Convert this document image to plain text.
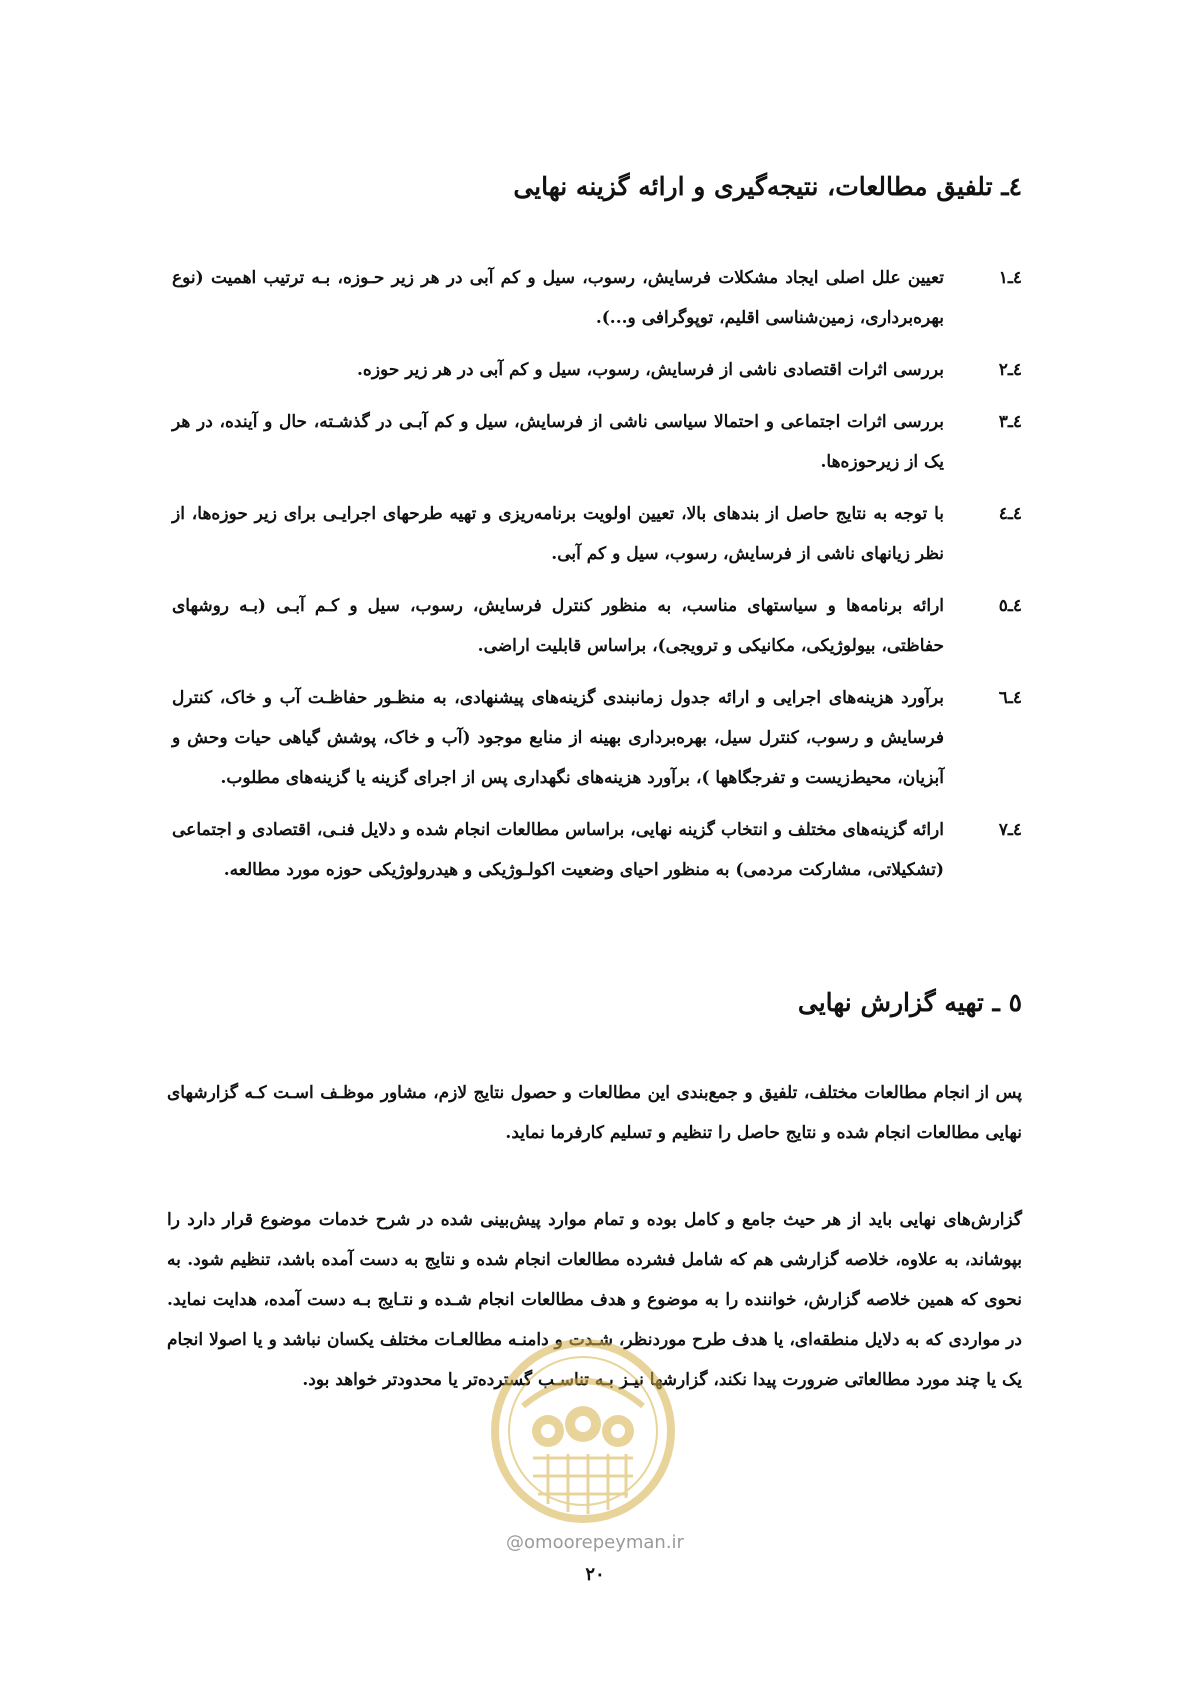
٤ـ تلفیق مطالعات، نتیجه‌گیری و ارائه گزینه نهایی
٤ـ١
تعیین علل اصلی ایجاد مشکلات فرسایش، رسوب، سیل و کم آبی در هر زیر حـوزه، بـه ترتیب اهمیت (نوع بهره‌برداری، زمین‌شناسی اقلیم، توپوگرافی و...).
٤ـ٢
بررسی اثرات اقتصادی ناشی از فرسایش، رسوب، سیل و کم آبی در هر زیر حوزه.
٤ـ٣
بررسی اثرات اجتماعی و احتمالا سیاسی ناشی از فرسایش، سیل و کم آبـی در گذشـته، حال و آینده، در هر یک از زیرحوزه‌ها.
٤ـ٤
با توجه به نتایج حاصل از بندهای بالا، تعیین اولویت برنامه‌ریزی و تهیه طرحهای اجرایـی برای زیر حوزه‌ها، از نظر زیانهای ناشی از فرسایش، رسوب، سیل و کم آبی.
٤ـ٥
ارائه برنامه‌ها و سیاستهای مناسب، به منظور کنترل فرسایش، رسوب، سیل و کـم آبـی (بـه روشهای حفاظتی، بیولوژیکی، مکانیکی و ترویجی)، براساس قابلیت اراضی.
٤ـ٦
برآورد هزینه‌های اجرایی و ارائه جدول زمانبندی گزینه‌های پیشنهادی، به منظـور حفاظـت آب و خاک، کنترل فرسایش و رسوب، کنترل سیل، بهره‌برداری بهینه از منابع موجود (آب و خاک، پوشش گیاهی حیات وحش و آبزیان، محیط‌زیست و تفرجگاهها )، برآورد هزینه‌های نگهداری پس از اجرای گزینه یا گزینه‌های مطلوب.
٤ـ٧
ارائه گزینه‌های مختلف و انتخاب گزینه نهایی، براساس مطالعات انجام شده و دلایل فنـی، اقتصادی و اجتماعی (تشکیلاتی، مشارکت مردمی) به منظور احیای وضعیت اکولـوژیکی و هیدرولوژیکی حوزه مورد مطالعه.
٥ ـ تهیه گزارش نهایی

پس از انجام مطالعات مختلف، تلفیق و جمع‌بندی این مطالعات و حصول نتایج لازم، مشاور موظـف اسـت کـه گزارشهای نهایی مطالعات انجام شده و نتایج حاصل را تنظیم و تسلیم کارفرما نماید.

گزارش‌های نهایی باید از هر حیث جامع و کامل بوده و تمام موارد پیش‌بینی شده در شرح خدمات موضوع قرار دارد را بپوشاند، به علاوه، خلاصه گزارشی هم که شامل فشرده مطالعات انجام شده و نتایج به دست آمده باشد، تنظیم شود. به نحوی که همین خلاصه گزارش، خواننده را به موضوع و هدف مطالعات انجام شـده و نتـایج بـه دست آمده، هدایت نماید. در مواردی که به دلایل منطقه‌ای، یا هدف طرح موردنظر، شـدت و دامنـه مطالعـات مختلف یکسان نباشد و یا اصولا انجام یک یا چند مورد مطالعاتی ضرورت پیدا نکند، گزارشها نیـز بـه تناسـب گسترده‌تر یا محدودتر خواهد بود.

@omoorepeyman.ir
٢٠
